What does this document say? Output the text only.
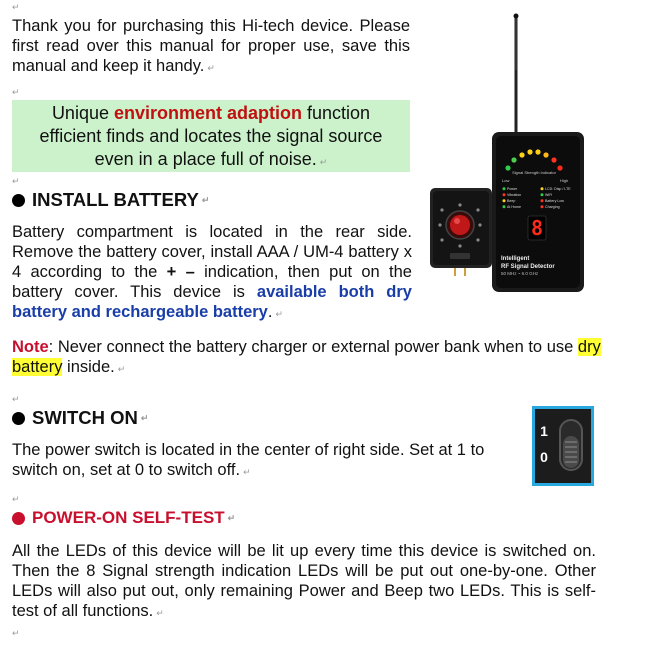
↵
Thank you for purchasing this Hi-tech device. Please first read over this manual for proper use, save this manual and keep it handy. ↵
↵
Unique environment adaption function
efficient finds and locates the signal source
even in a place full of noise. ↵
↵
INSTALL BATTERY ↵
Battery compartment is located in the rear side. Remove the battery cover, install AAA / UM-4 battery x 4 according to the + – indication, then put on the battery cover. This device is available both dry battery and rechargeable battery. ↵
Signal Strength Indicator
Low	High
Power
Vibration
Beep
At Home
LCD: Disp / LTE
WiFi
Battery Low
Charging
8
Intelligent
RF Signal Detector
50 MHz ~ 6.0 GHz
Note: Never connect the battery charger or external power bank when to use dry battery inside. ↵
↵
SWITCH ON ↵
The power switch is located in the center of right side. Set at 1 to switch on, set at 0 to switch off. ↵
1
0
↵
POWER-ON SELF-TEST ↵
All the LEDs of this device will be lit up every time this device is switched on. Then the 8 Signal strength indication LEDs will be put out one-by-one. Other LEDs will also put out, only remaining Power and Beep two LEDs. This is self-test of all functions. ↵
↵
